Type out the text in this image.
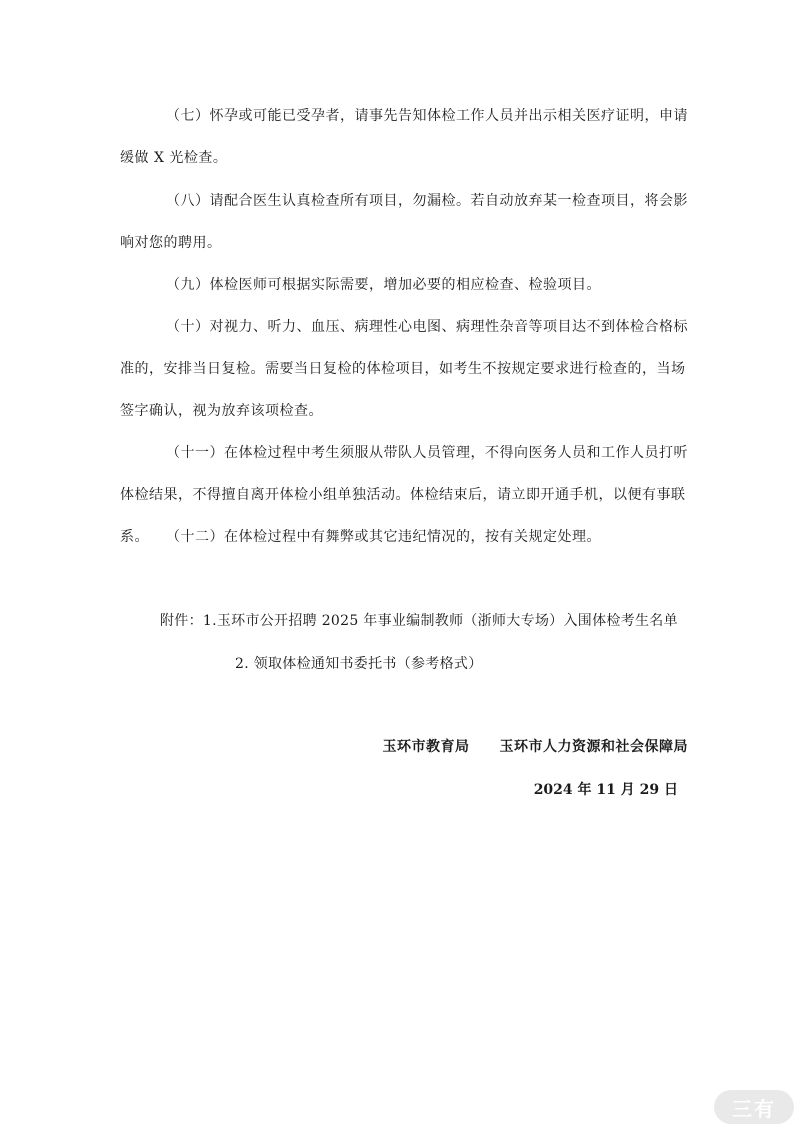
（七）怀孕或可能已受孕者，请事先告知体检工作人员并出示相关医疗证明，申请缓做 X 光检查。

（八）请配合医生认真检查所有项目，勿漏检。若自动放弃某一检查项目，将会影响对您的聘用。

（九）体检医师可根据实际需要，增加必要的相应检查、检验项目。

（十）对视力、听力、血压、病理性心电图、病理性杂音等项目达不到体检合格标准的，安排当日复检。需要当日复检的体检项目，如考生不按规定要求进行检查的，当场签字确认，视为放弃该项检查。

（十一）在体检过程中考生须服从带队人员管理，不得向医务人员和工作人员打听体检结果，不得擅自离开体检小组单独活动。体检结束后，请立即开通手机，以便有事联系。	（十二）在体检过程中有舞弊或其它违纪情况的，按有关规定处理。

附件：1.玉环市公开招聘 2025 年事业编制教师（浙师大专场）入围体检考生名单
2. 领取体检通知书委托书（参考格式）
玉环市教育局 玉环市人力资源和社会保障局
2024 年 11 月 29 日
三有
